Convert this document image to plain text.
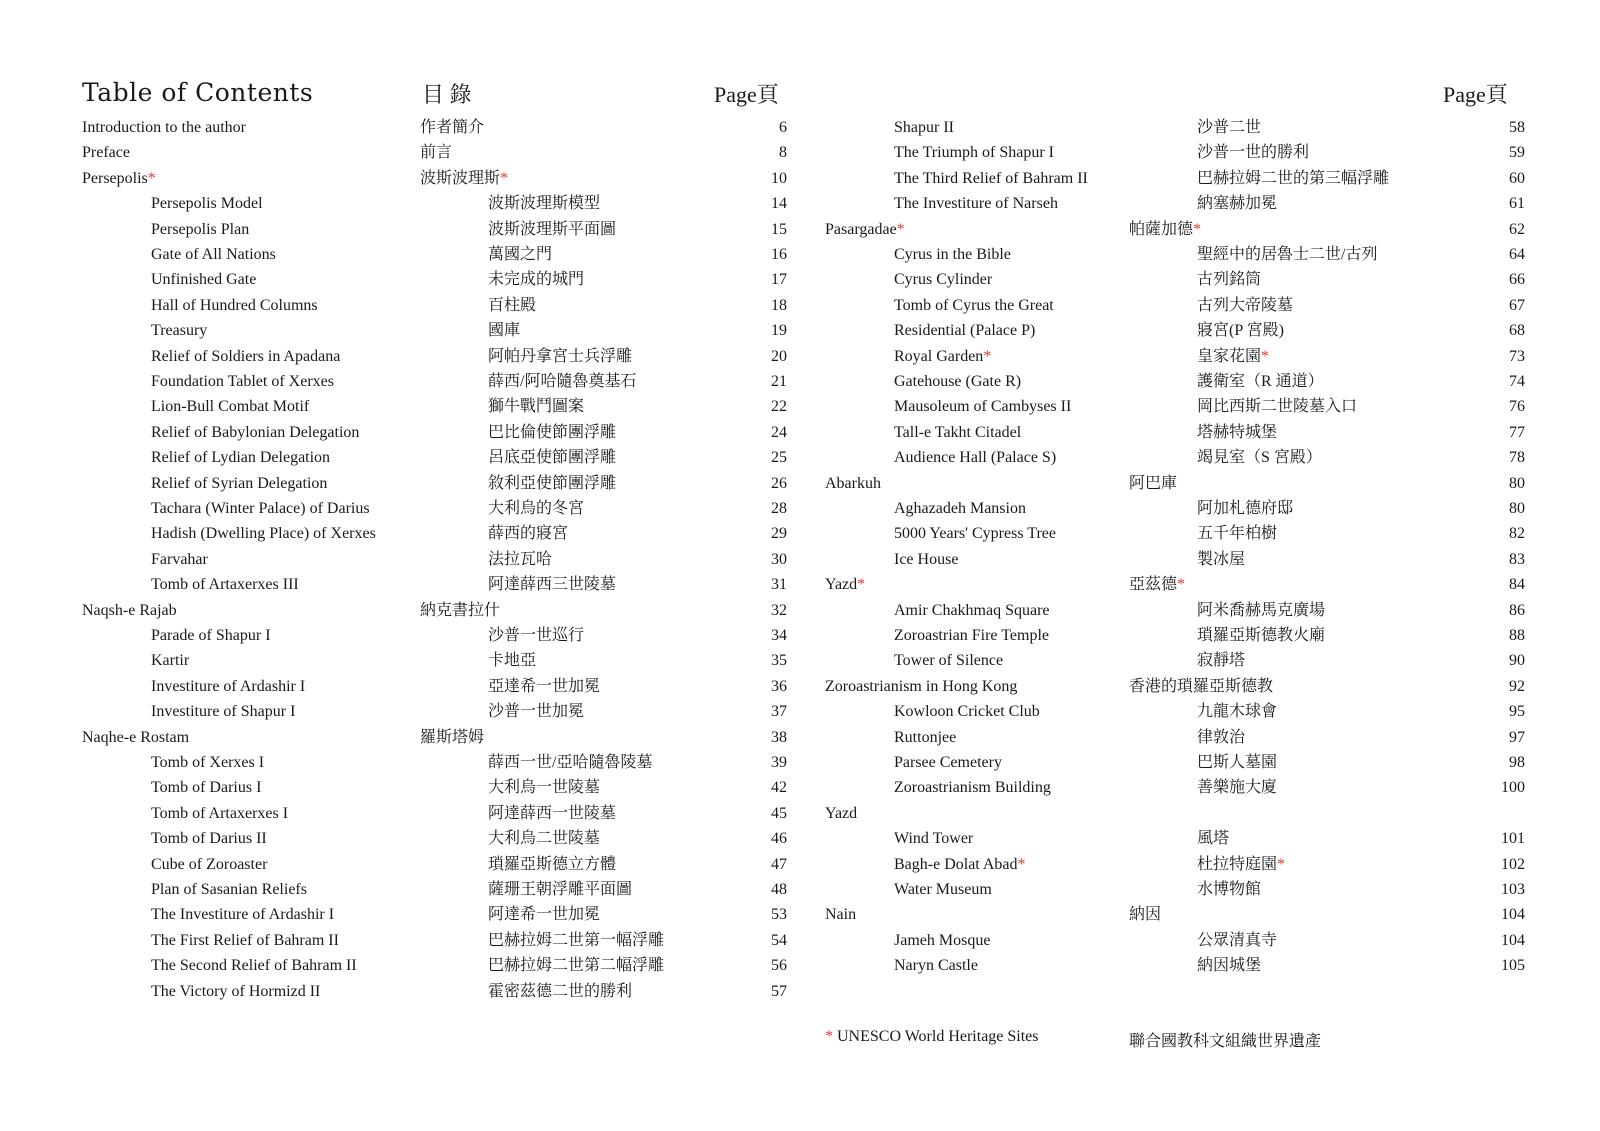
Table of Contents	目 錄	Page頁	Page頁
Introduction to the author	作者簡介	6
Preface	前言	8
Persepolis*	波斯波理斯*	10
Persepolis Model	波斯波理斯模型	14
Persepolis Plan	波斯波理斯平面圖	15
Gate of All Nations	萬國之門	16
Unfinished Gate	未完成的城門	17
Hall of Hundred Columns	百柱殿	18
Treasury	國庫	19
Relief of Soldiers in Apadana	阿帕丹拿宮士兵浮雕	20
Foundation Tablet of Xerxes	薛西/阿哈隨魯奠基石	21
Lion-Bull Combat Motif	獅牛戰鬥圖案	22
Relief of Babylonian Delegation	巴比倫使節團浮雕	24
Relief of Lydian Delegation	呂底亞使節團浮雕	25
Relief of Syrian Delegation	敘利亞使節團浮雕	26
Tachara (Winter Palace) of Darius	大利烏的冬宮	28
Hadish (Dwelling Place) of Xerxes	薛西的寢宮	29
Farvahar	法拉瓦哈	30
Tomb of Artaxerxes III	阿達薛西三世陵墓	31
Naqsh-e Rajab	納克書拉什	32
Parade of Shapur I	沙普一世巡行	34
Kartir	卡地亞	35
Investiture of Ardashir I	亞達希一世加冕	36
Investiture of Shapur I	沙普一世加冕	37
Naqhe-e Rostam	羅斯塔姆	38
Tomb of Xerxes I	薛西一世/亞哈隨魯陵墓	39
Tomb of Darius I	大利烏一世陵墓	42
Tomb of Artaxerxes I	阿達薛西一世陵墓	45
Tomb of Darius II	大利烏二世陵墓	46
Cube of Zoroaster	瑣羅亞斯德立方體	47
Plan of Sasanian Reliefs	薩珊王朝浮雕平面圖	48
The Investiture of Ardashir I	阿達希一世加冕	53
The First Relief of Bahram II	巴赫拉姆二世第一幅浮雕	54
The Second Relief of Bahram II	巴赫拉姆二世第二幅浮雕	56
The Victory of Hormizd II	霍密茲德二世的勝利	57
Shapur II	沙普二世	58
The Triumph of Shapur I	沙普一世的勝利	59
The Third Relief of Bahram II	巴赫拉姆二世的第三幅浮雕	60
The Investiture of Narseh	納塞赫加冕	61
Pasargadae*	帕薩加德*	62
Cyrus in the Bible	聖經中的居魯士二世/古列	64
Cyrus Cylinder	古列銘筒	66
Tomb of Cyrus the Great	古列大帝陵墓	67
Residential (Palace P)	寢宮(P 宮殿)	68
Royal Garden*	皇家花園*	73
Gatehouse (Gate R)	護衛室（R 通道）	74
Mausoleum of Cambyses II	岡比西斯二世陵墓入口	76
Tall-e Takht Citadel	塔赫特城堡	77
Audience Hall (Palace S)	竭見室（S 宮殿）	78
Abarkuh	阿巴庫	80
Aghazadeh Mansion	阿加札德府邸	80
5000 Years' Cypress Tree	五千年柏樹	82
Ice House	製冰屋	83
Yazd*	亞茲德*	84
Amir Chakhmaq Square	阿米喬赫馬克廣場	86
Zoroastrian Fire Temple	瑣羅亞斯德教火廟	88
Tower of Silence	寂靜塔	90
Zoroastrianism in Hong Kong	香港的瑣羅亞斯德教	92
Kowloon Cricket Club	九龍木球會	95
Ruttonjee	律敦治	97
Parsee Cemetery	巴斯人墓園	98
Zoroastrianism Building	善樂施大廈	100
Yazd
Wind Tower	風塔	101
Bagh-e Dolat Abad*	杜拉特庭園*	102
Water Museum	水博物館	103
Nain	納因	104
Jameh Mosque	公眾清真寺	104
Naryn Castle	納因城堡	105
* UNESCO World Heritage Sites	聯合國教科文組織世界遺產
